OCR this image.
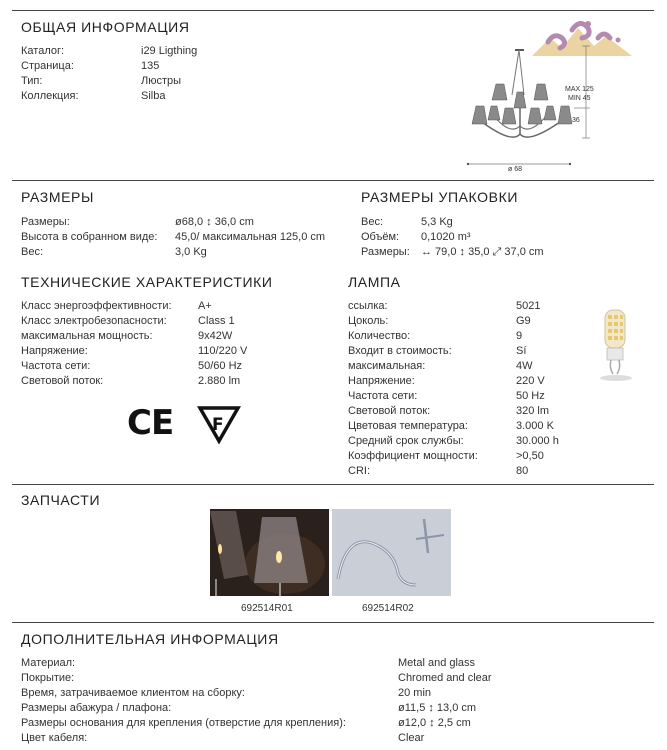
ОБЩАЯ ИНФОРМАЦИЯ
Каталог:	i29 Ligthing
Страница:	135
Тип:	Люстры
Коллекция:	Silba
MAX 125
MIN 45
36
ø 68
РАЗМЕРЫ	РАЗМЕРЫ УПАКОВКИ
Размеры:	ø68,0 ↕ 36,0 cm
Высота в собранном виде: 45,0/ максимальная 125,0 cm
Вес:	3,0 Kg
Вес:	5,3 Kg
Объём: 0,1020 m³
Размеры: ↔ 79,0 ↕ 35,0 ⤢ 37,0 cm
ТЕХНИЧЕСКИЕ ХАРАКТЕРИСТИКИ	ЛАМПА
Класс энергоэффективности: A+
Класс электробезопасности:	Class 1
максимальная мощность:	9x42W
Напряжение:	110/220 V
Частота сети:	50/60 Hz
Световой поток:	2.880 lm
ссылка:	5021
Цоколь:	G9
Количество:	9
Входит в стоимость:	Sí
максимальная:	4W
Напряжение:	220 V
Частота сети:	50 Hz
Световой поток:	320 lm
Цветовая температура:	3.000 K
Средний срок службы:	30.000 h
Коэффициент мощности:	>0,50
CRI:	80
CE F
ЗАПЧАСТИ
692514R01	692514R02
ДОПОЛНИТЕЛЬНАЯ ИНФОРМАЦИЯ
Материал:	Metal and glass
Покрытие:	Chromed and clear
Время, затрачиваемое клиентом на сборку:	20 min
Размеры абажура / плафона:	ø11,5 ↕ 13,0 cm
Размеры основания для крепления (отверстие для крепления):	ø12,0 ↕ 2,5 cm
Цвет кабеля:	Clear
